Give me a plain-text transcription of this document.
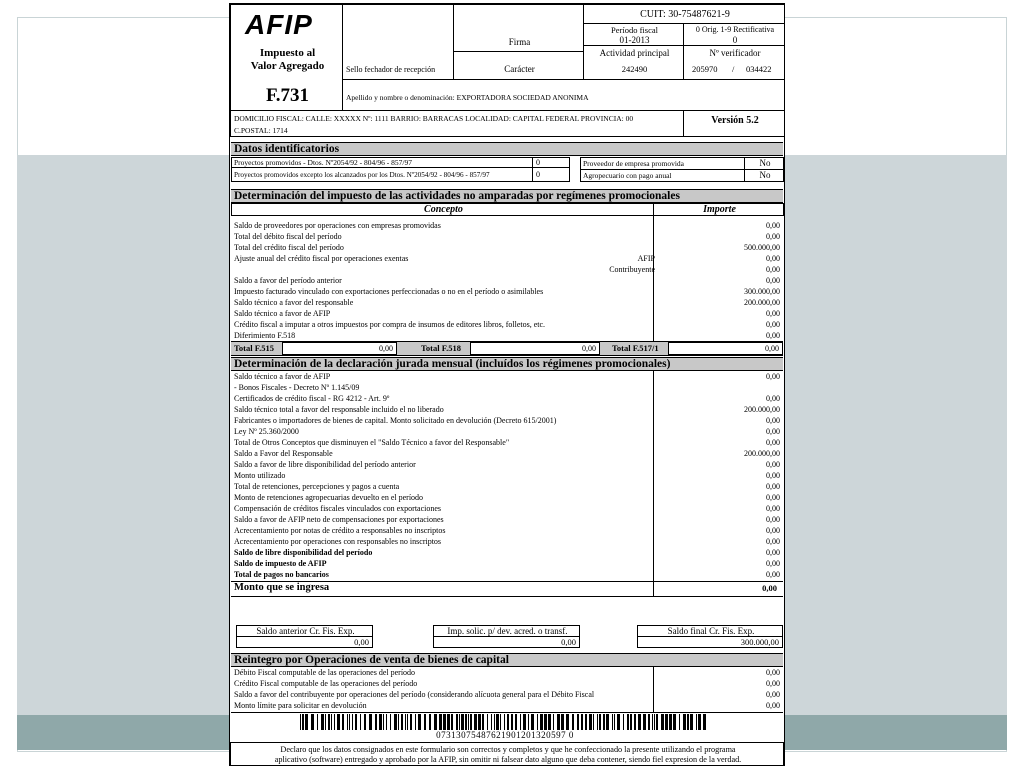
AFIP
Impuesto al
Valor Agregado
F.731
Sello fechador de recepción
Firma
Carácter
CUIT: 30-75487621-9
Período fiscal
01-2013
0 Orig. 1-9 Rectificativa
0
Actividad principal
242490
Nº verificador
205970 / 034422
Apellido y nombre o denominación: EXPORTADORA SOCIEDAD ANONIMA
DOMICILIO FISCAL: CALLE: XXXXX Nº: 1111 BARRIO: BARRACAS LOCALIDAD: CAPITAL FEDERAL PROVINCIA: 00
C.POSTAL: 1714
Versión 5.2
Datos identificatorios
Proyectos promovidos - Dtos. Nº2054/92 - 804/96 - 857/97	0
Proyectos promovidos excepto los alcanzados por los Dtos. Nº2054/92 - 804/96 - 857/97	0
Proveedor de empresa promovida	No
Agropecuario con pago anual	No
Determinación del impuesto de las actividades no amparadas por regímenes promocionales
Concepto	Importe
Saldo de proveedores por operaciones con empresas promovidas	0,00
Total del débito fiscal del período	0,00
Total del crédito fiscal del período	500.000,00
Ajuste anual del crédito fiscal por operaciones exentas	AFIP	0,00
Contribuyente	0,00
Saldo a favor del período anterior	0,00
Impuesto facturado vinculado con exportaciones perfeccionadas o no en el período o asimilables	300.000,00
Saldo técnico a favor del responsable	200.000,00
Saldo técnico a favor de AFIP	0,00
Crédito fiscal a imputar a otros impuestos por compra de insumos de editores libros, folletos, etc.	0,00
Diferimiento F.518	0,00
Total F.515	0,00	Total F.518	0,00 Total F.517/1	0,00
Determinación de la declaración jurada mensual (incluídos los régimenes promocionales)
Saldo técnico a favor de AFIP	0,00
- Bonos Fiscales - Decreto Nº 1.145/09
Certificados de crédito fiscal - RG 4212 - Art. 9º	0,00
Saldo técnico total a favor del responsable incluido el no liberado	200.000,00
Fabricantes o importadores de bienes de capital. Monto solicitado en devolución (Decreto 615/2001)	0,00
Ley Nº 25.360/2000	0,00
Total de Otros Conceptos que disminuyen el "Saldo Técnico a favor del Responsable"	0,00
Saldo a Favor del Responsable	200.000,00
Saldo a favor de libre disponibilidad del período anterior	0,00
Monto utilizado	0,00
Total de retenciones, percepciones y pagos a cuenta	0,00
Monto de retenciones agropecuarias devuelto en el período	0,00
Compensación de créditos fiscales vinculados con exportaciones	0,00
Saldo a favor de AFIP neto de compensaciones por exportaciones	0,00
Acrecentamiento por notas de crédito a responsables no inscriptos	0,00
Acrecentamiento por operaciones con responsables no inscriptos	0,00
Saldo de libre disponibilidad del período	0,00
Saldo de impuesto de AFIP	0,00
Total de pagos no bancarios	0,00
Monto que se ingresa	0,00
Saldo anterior Cr. Fis. Exp.
0,00
Imp. solic. p/ dev. acred. o transf.
0,00
Saldo final Cr. Fis. Exp.
300.000,00
Reintegro por Operaciones de venta de bienes de capital
Débito Fiscal computable de las operaciones del período	0,00
Crédito Fiscal computable de las operaciones del período	0,00
Saldo a favor del contribuyente por operaciones del período (considerando alícuota general para el Débito Fiscal	0,00
Monto límite para solicitar en devolución	0,00
07313075487621901201320597 0
Declaro que los datos consignados en este formulario son correctos y completos y que he confeccionado la presente utilizando el programa
aplicativo (software) entregado y aprobado por la AFIP, sin omitir ni falsear dato alguno que deba contener, siendo fiel expresion de la verdad.
